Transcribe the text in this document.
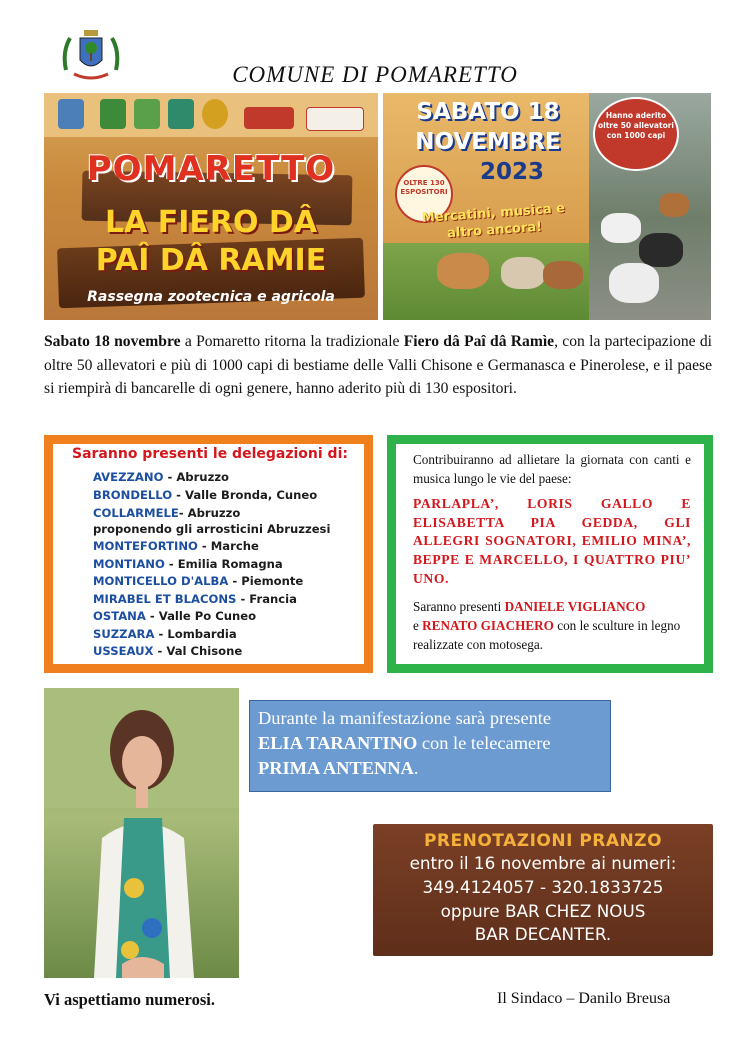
COMUNE DI POMARETTO
POMARETTO
LA FIERO DÂ
PAÎ DÂ RAMIE
Rassegna zootecnica e agricola
SABATO 18
NOVEMBRE
2023
OLTRE 130 ESPOSITORI
Mercatini, musica e altro ancora!
Hanno aderito oltre 50 allevatori con 1000 capi
Sabato 18 novembre a Pomaretto ritorna la tradizionale Fiero dâ Paî dâ Ramìe, con la partecipazione di oltre 50 allevatori e più di 1000 capi di bestiame delle Valli Chisone e Germanasca e Pinerolese, e il paese si riempirà di bancarelle di ogni genere, hanno aderito più di 130 espositori.
Saranno presenti le delegazioni di:
AVEZZANO - Abruzzo
BRONDELLO - Valle Bronda, Cuneo
COLLARMELE- Abruzzo
proponendo gli arrosticini Abruzzesi
MONTEFORTINO - Marche
MONTIANO - Emilia Romagna
MONTICELLO D'ALBA - Piemonte
MIRABEL ET BLACONS - Francia
OSTANA - Valle Po Cuneo
SUZZARA - Lombardia
USSEAUX - Val Chisone
Contribuiranno ad allietare la giornata con canti e musica lungo le vie del paese:
PARLAPLA’, LORIS GALLO E ELISABETTA PIA GEDDA, GLI ALLEGRI SOGNATORI, EMILIO MINA’, BEPPE E MARCELLO, I QUATTRO PIU’ UNO.
Saranno presenti DANIELE VIGLIANCO
e RENATO GIACHERO con le sculture in legno realizzate con motosega.
Durante la manifestazione sarà presente
ELIA TARANTINO con le telecamere
PRIMA ANTENNA.
PRENOTAZIONI PRANZO
entro il 16 novembre ai numeri:
349.4124057 - 320.1833725
oppure BAR CHEZ NOUS
BAR DECANTER.
Vi aspettiamo numerosi.	Il Sindaco – Danilo Breusa
